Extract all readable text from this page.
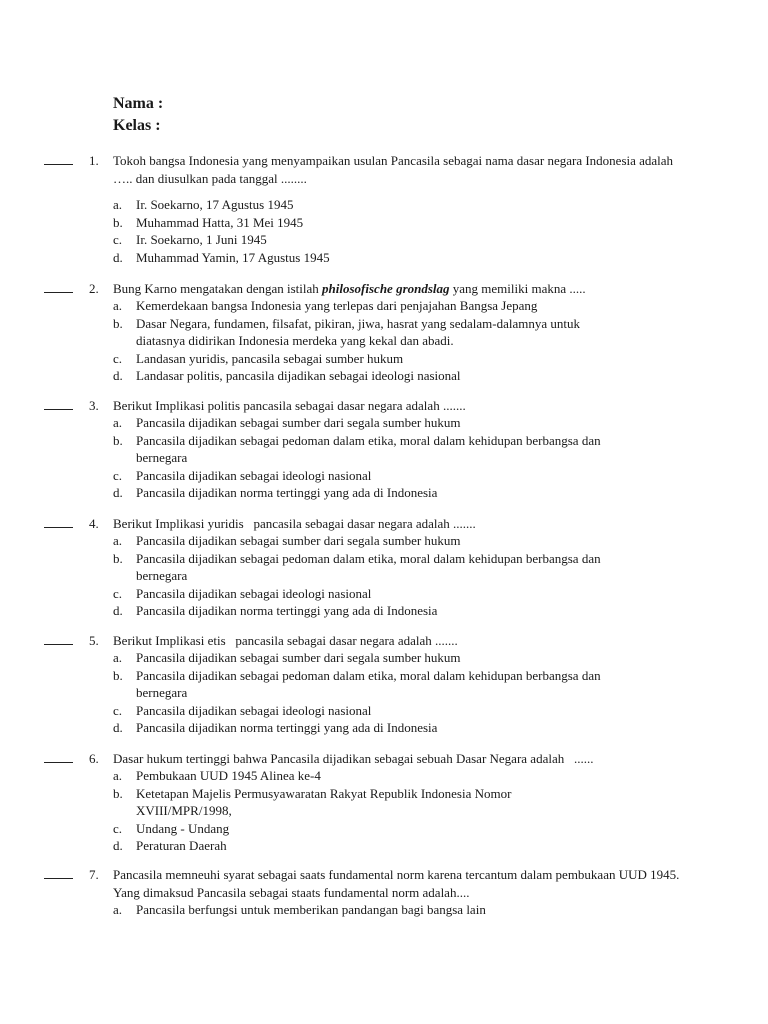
Nama :
Kelas :
1. Tokoh bangsa Indonesia yang menyampaikan usulan Pancasila sebagai nama dasar negara Indonesia adalah
….. dan diusulkan pada tanggal ........
a. Ir. Soekarno, 17 Agustus 1945
b. Muhammad Hatta, 31 Mei 1945
c. Ir. Soekarno, 1 Juni 1945
d. Muhammad Yamin, 17 Agustus 1945
2. Bung Karno mengatakan dengan istilah philosofische grondslag yang memiliki makna .....
a. Kemerdekaan bangsa Indonesia yang terlepas dari penjajahan Bangsa Jepang
b. Dasar Negara, fundamen, filsafat, pikiran, jiwa, hasrat yang sedalam-dalamnya untuk
diatasnya didirikan Indonesia merdeka yang kekal dan abadi.
c. Landasan yuridis, pancasila sebagai sumber hukum
d. Landasar politis, pancasila dijadikan sebagai ideologi nasional
3. Berikut Implikasi politis pancasila sebagai dasar negara adalah .......
a. Pancasila dijadikan sebagai sumber dari segala sumber hukum
b. Pancasila dijadikan sebagai pedoman dalam etika, moral dalam kehidupan berbangsa dan
bernegara
c. Pancasila dijadikan sebagai ideologi nasional
d. Pancasila dijadikan norma tertinggi yang ada di Indonesia
4. Berikut Implikasi yuridis   pancasila sebagai dasar negara adalah .......
a. Pancasila dijadikan sebagai sumber dari segala sumber hukum
b. Pancasila dijadikan sebagai pedoman dalam etika, moral dalam kehidupan berbangsa dan
bernegara
c. Pancasila dijadikan sebagai ideologi nasional
d. Pancasila dijadikan norma tertinggi yang ada di Indonesia
5. Berikut Implikasi etis   pancasila sebagai dasar negara adalah .......
a. Pancasila dijadikan sebagai sumber dari segala sumber hukum
b. Pancasila dijadikan sebagai pedoman dalam etika, moral dalam kehidupan berbangsa dan
bernegara
c. Pancasila dijadikan sebagai ideologi nasional
d. Pancasila dijadikan norma tertinggi yang ada di Indonesia
6. Dasar hukum tertinggi bahwa Pancasila dijadikan sebagai sebuah Dasar Negara adalah   ......
a. Pembukaan UUD 1945 Alinea ke-4
b. Ketetapan Majelis Permusyawaratan Rakyat Republik Indonesia Nomor
XVIII/MPR/1998,
c. Undang - Undang
d. Peraturan Daerah
7. Pancasila memneuhi syarat sebagai saats fundamental norm karena tercantum dalam pembukaan UUD 1945.
Yang dimaksud Pancasila sebagai staats fundamental norm adalah....
a. Pancasila berfungsi untuk memberikan pandangan bagi bangsa lain
